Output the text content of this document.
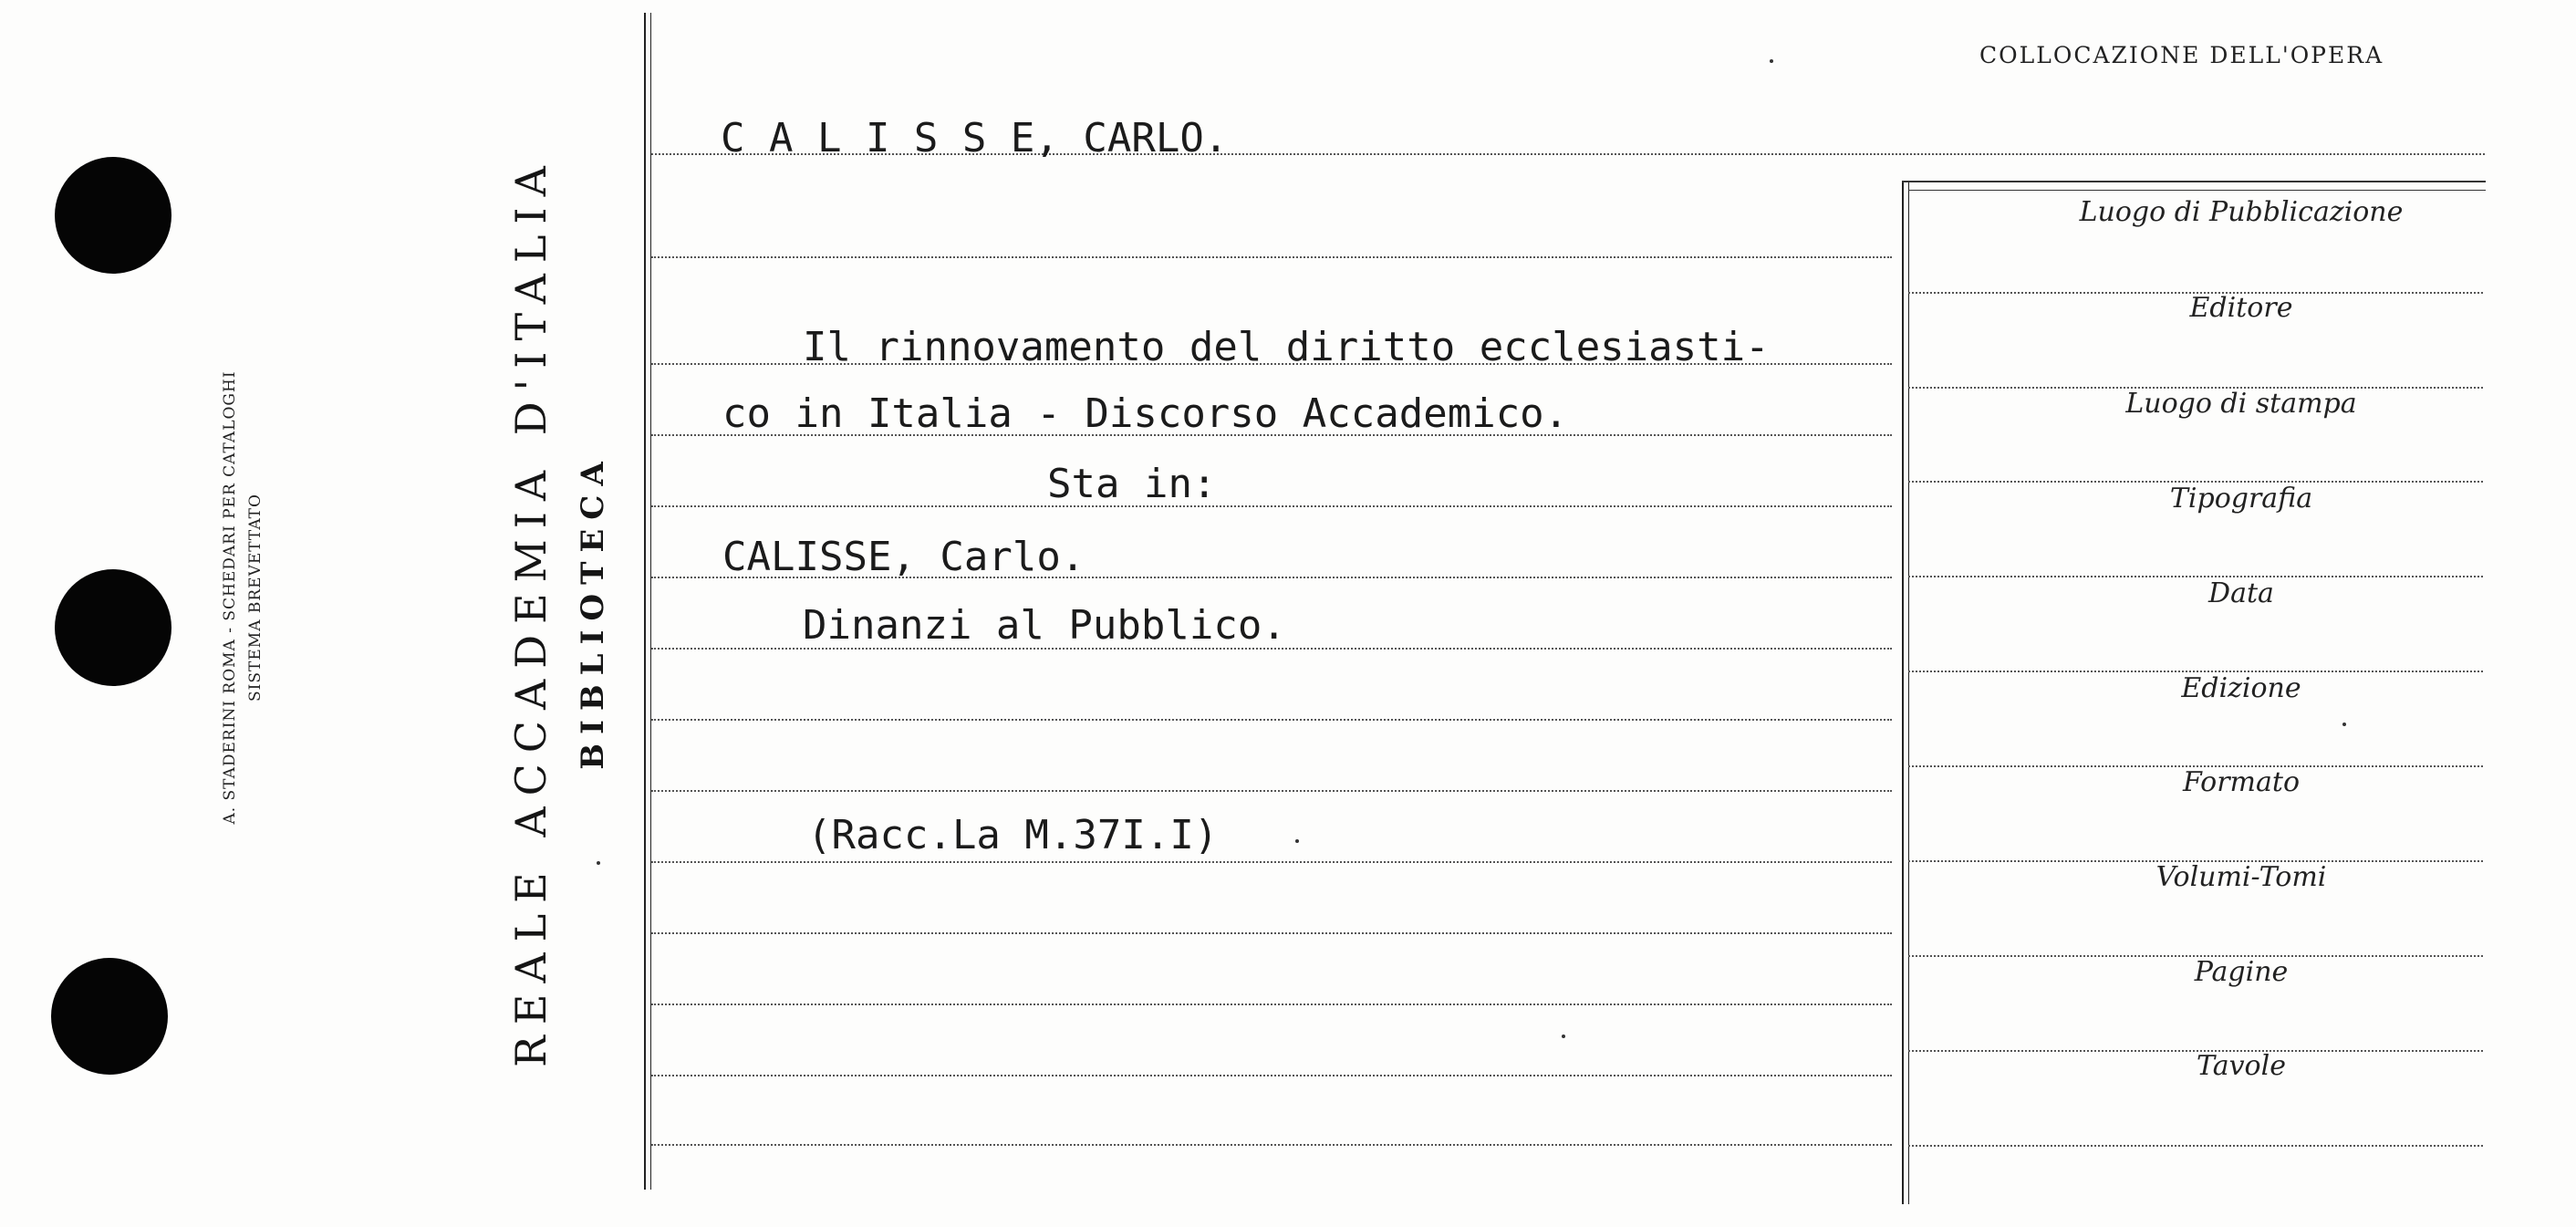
A. STADERINI ROMA - SCHEDARI PER CATALOGHI SISTEMA BREVETTATO	REALE ACCADEMIA D'ITALIA BIBLIOTECA
COLLOCAZIONE DELL'OPERA
C A L I S S E, CARLO.
Il rinnovamento del diritto ecclesiasti-
co in Italia - Discorso Accademico.
Sta in:
CALISSE, Carlo.
Dinanzi al Pubblico.
(Racc.La M.37I.I)
Luogo di Pubblicazione
Editore
Luogo di stampa
Tipografia
Data
Edizione
Formato
Volumi-Tomi
Pagine
Tavole
